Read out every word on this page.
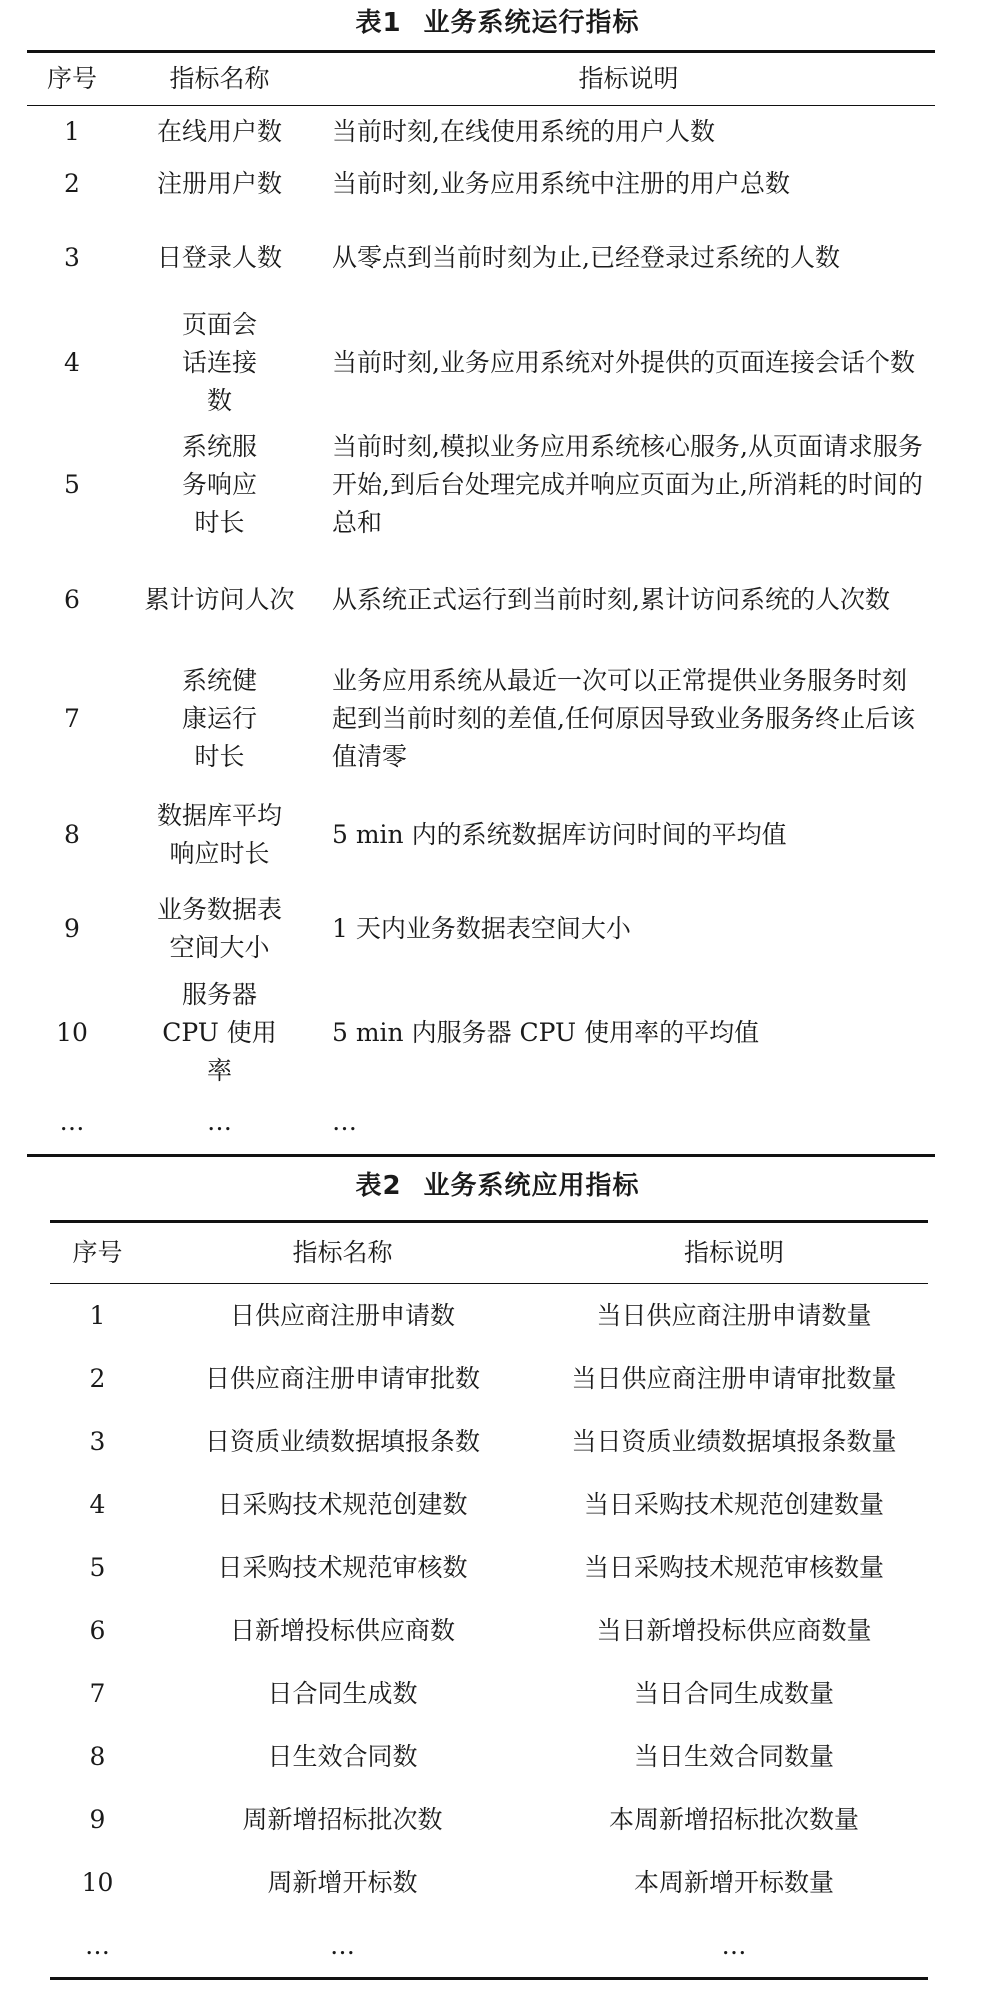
表1 业务系统运行指标
序号	指标名称	指标说明
1	在线用户数	当前时刻,在线使用系统的用户人数
2	注册用户数	当前时刻,业务应用系统中注册的用户总数
3	日登录人数	从零点到当前时刻为止,已经登录过系统的人数
4	页面会话连接数	当前时刻,业务应用系统对外提供的页面连接会话个数
5	系统服务响应时长	当前时刻,模拟业务应用系统核心服务,从页面请求服务开始,到后台处理完成并响应页面为止,所消耗的时间的总和
6	累计访问人次	从系统正式运行到当前时刻,累计访问系统的人次数
7	系统健康运行时长	业务应用系统从最近一次可以正常提供业务服务时刻起到当前时刻的差值,任何原因导致业务服务终止后该值清零
8	数据库平均响应时长	5 min 内的系统数据库访问时间的平均值
9	业务数据表空间大小	1 天内业务数据表空间大小
10	服务器 CPU 使用率	5 min 内服务器 CPU 使用率的平均值
…	…	…
表2 业务系统应用指标
序号	指标名称	指标说明
1	日供应商注册申请数	当日供应商注册申请数量
2	日供应商注册申请审批数	当日供应商注册申请审批数量
3	日资质业绩数据填报条数	当日资质业绩数据填报条数量
4	日采购技术规范创建数	当日采购技术规范创建数量
5	日采购技术规范审核数	当日采购技术规范审核数量
6	日新增投标供应商数	当日新增投标供应商数量
7	日合同生成数	当日合同生成数量
8	日生效合同数	当日生效合同数量
9	周新增招标批次数	本周新增招标批次数量
10	周新增开标数	本周新增开标数量
…	…	…
